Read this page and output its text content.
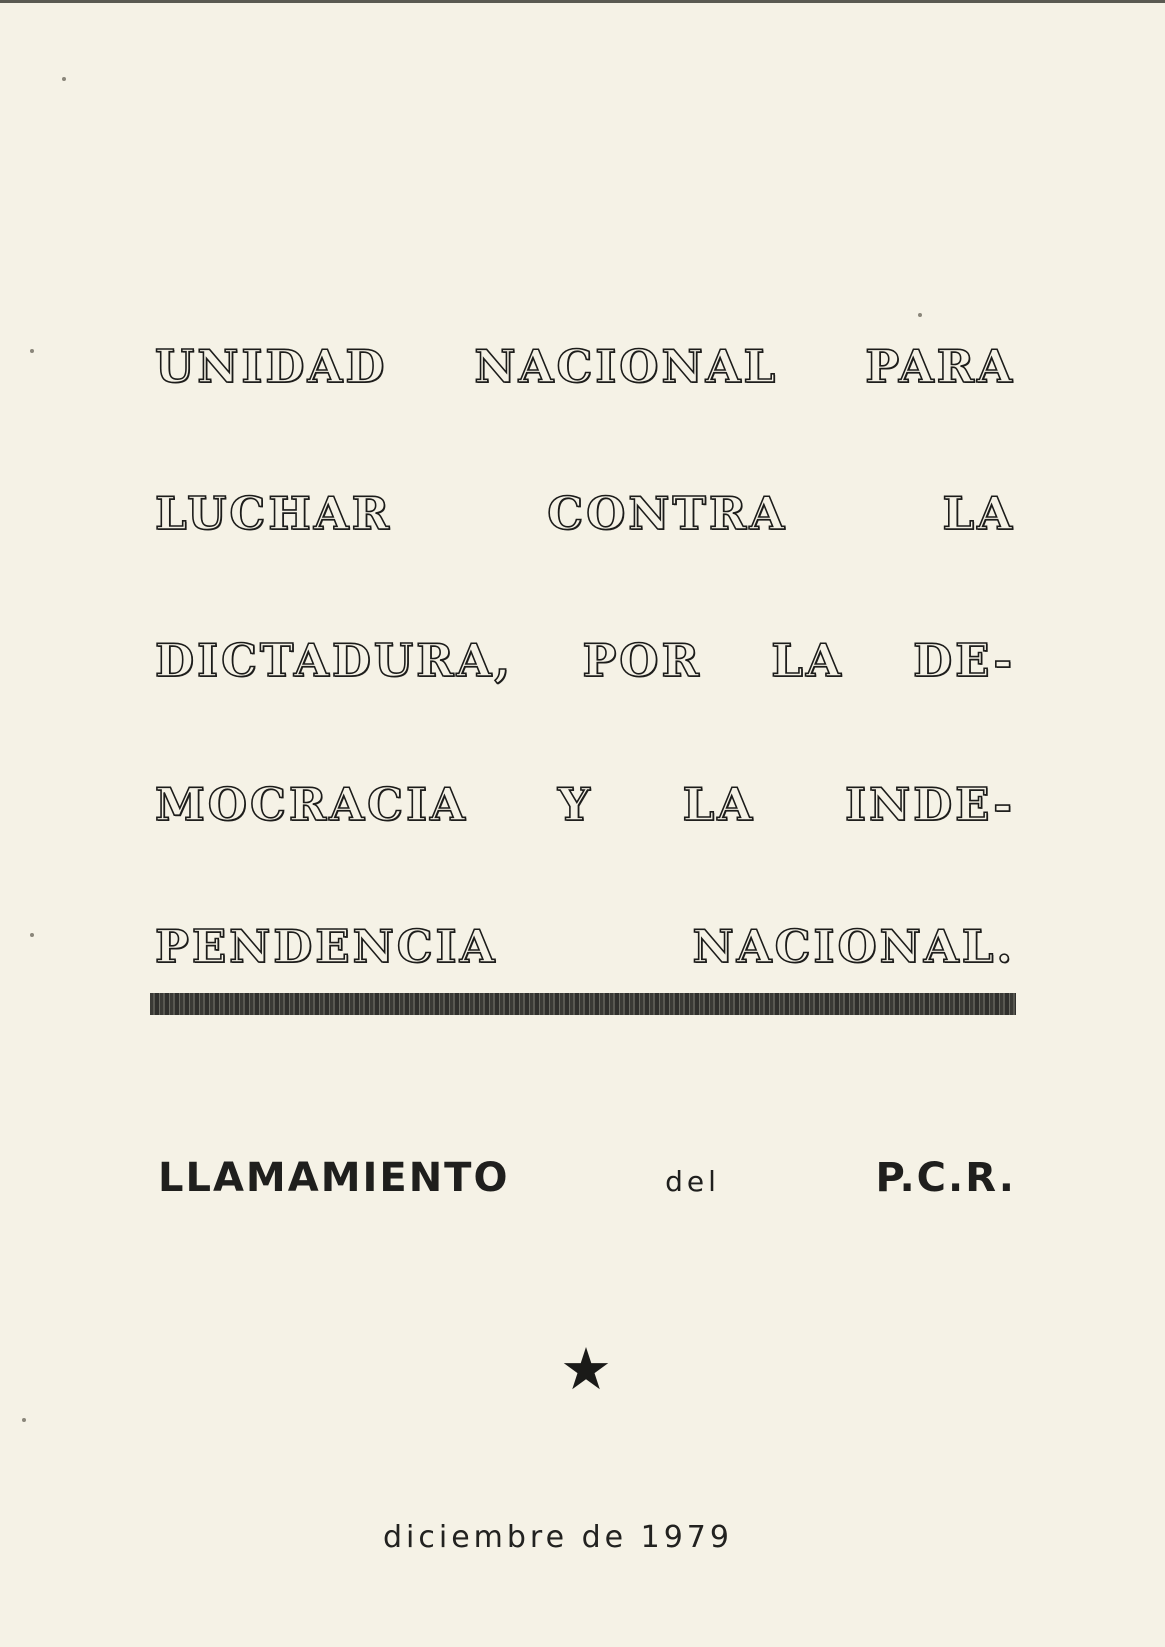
UNIDAD NACIONAL PARA
LUCHAR	CONTRA	LA
DICTADURA, POR LA DE-
MOCRACIA Y LA INDE-
PENDENCIA	NACIONAL.
LLAMAMIENTO	del	P.C.R.
★
diciembre de 1979
